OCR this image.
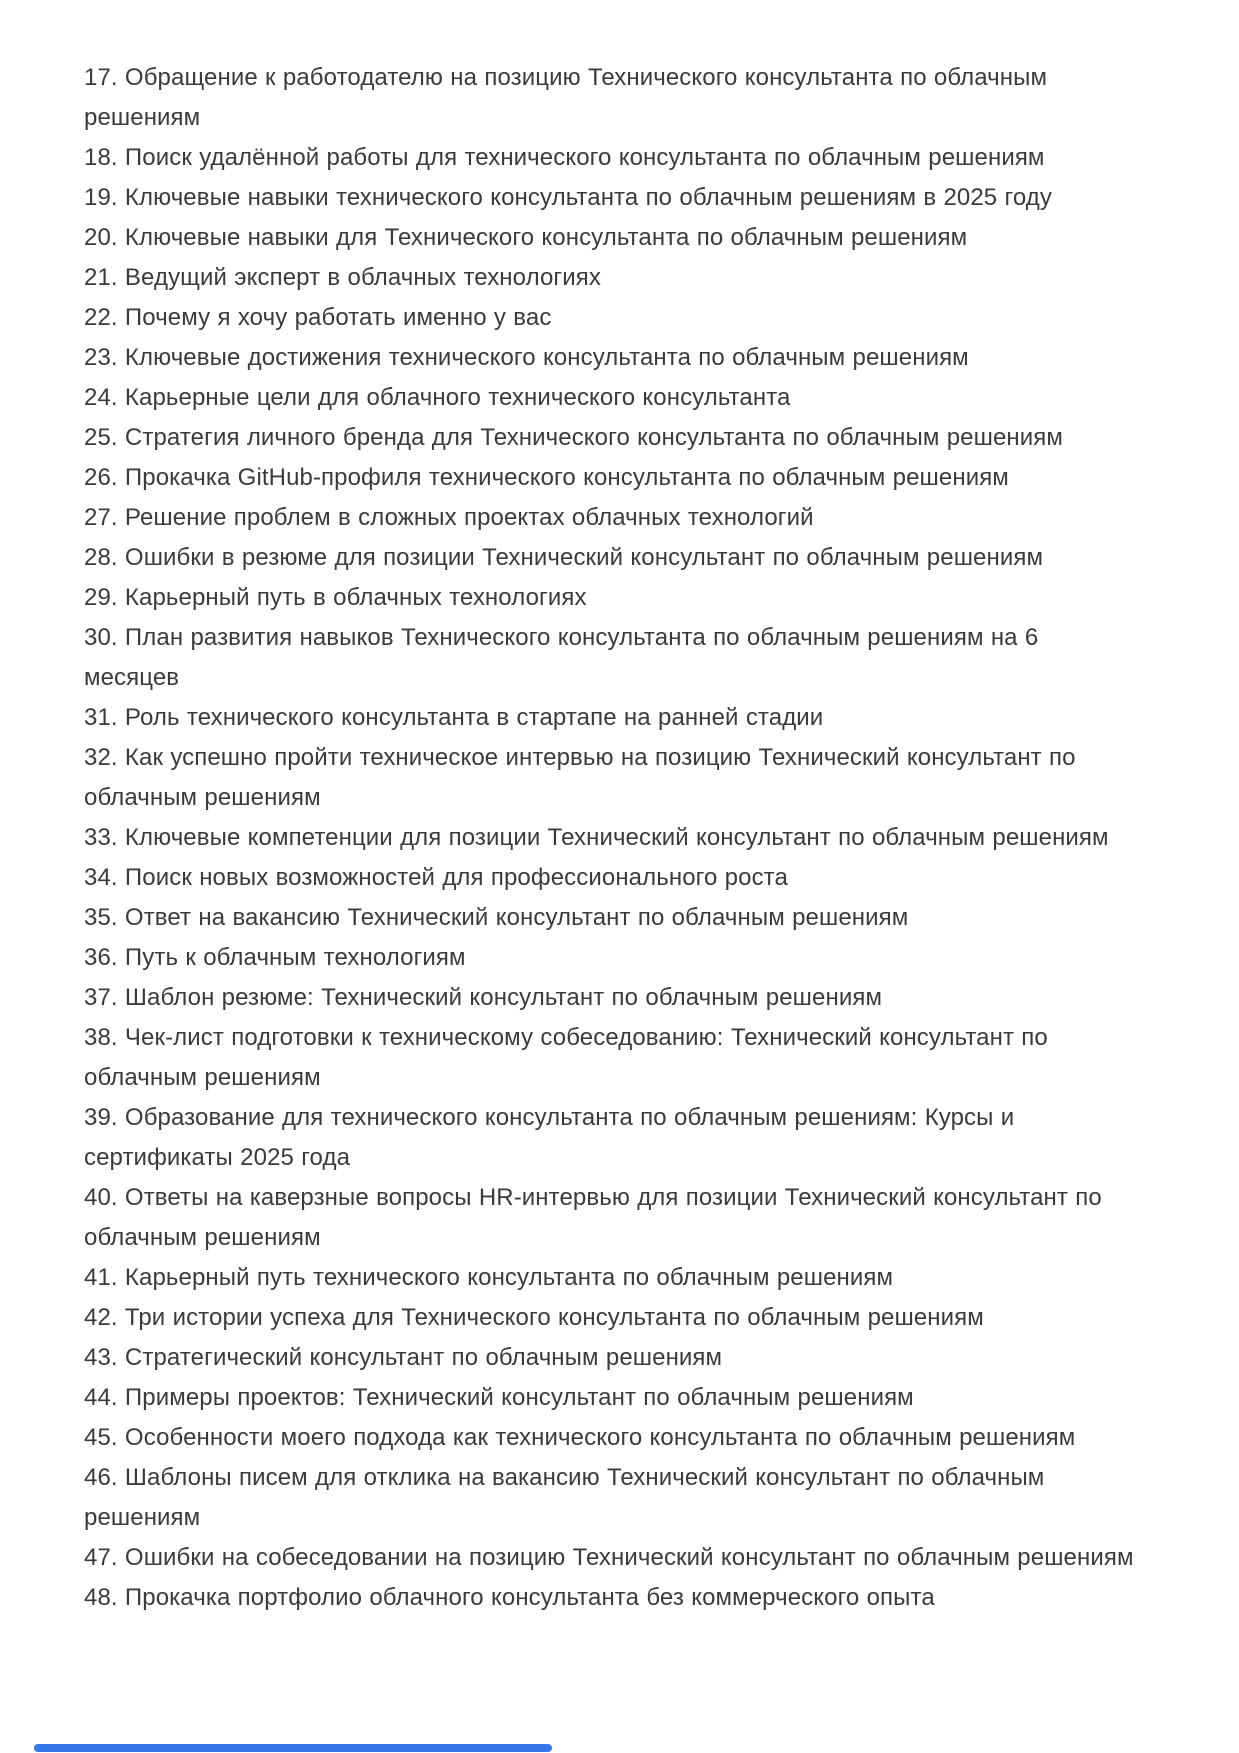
17. Обращение к работодателю на позицию Технического консультанта по облачным решениям
18. Поиск удалённой работы для технического консультанта по облачным решениям
19. Ключевые навыки технического консультанта по облачным решениям в 2025 году
20. Ключевые навыки для Технического консультанта по облачным решениям
21. Ведущий эксперт в облачных технологиях
22. Почему я хочу работать именно у вас
23. Ключевые достижения технического консультанта по облачным решениям
24. Карьерные цели для облачного технического консультанта
25. Стратегия личного бренда для Технического консультанта по облачным решениям
26. Прокачка GitHub-профиля технического консультанта по облачным решениям
27. Решение проблем в сложных проектах облачных технологий
28. Ошибки в резюме для позиции Технический консультант по облачным решениям
29. Карьерный путь в облачных технологиях
30. План развития навыков Технического консультанта по облачным решениям на 6 месяцев
31. Роль технического консультанта в стартапе на ранней стадии
32. Как успешно пройти техническое интервью на позицию Технический консультант по облачным решениям
33. Ключевые компетенции для позиции Технический консультант по облачным решениям
34. Поиск новых возможностей для профессионального роста
35. Ответ на вакансию Технический консультант по облачным решениям
36. Путь к облачным технологиям
37. Шаблон резюме: Технический консультант по облачным решениям
38. Чек-лист подготовки к техническому собеседованию: Технический консультант по облачным решениям
39. Образование для технического консультанта по облачным решениям: Курсы и сертификаты 2025 года
40. Ответы на каверзные вопросы HR-интервью для позиции Технический консультант по облачным решениям
41. Карьерный путь технического консультанта по облачным решениям
42. Три истории успеха для Технического консультанта по облачным решениям
43. Стратегический консультант по облачным решениям
44. Примеры проектов: Технический консультант по облачным решениям
45. Особенности моего подхода как технического консультанта по облачным решениям
46. Шаблоны писем для отклика на вакансию Технический консультант по облачным решениям
47. Ошибки на собеседовании на позицию Технический консультант по облачным решениям
48. Прокачка портфолио облачного консультанта без коммерческого опыта
